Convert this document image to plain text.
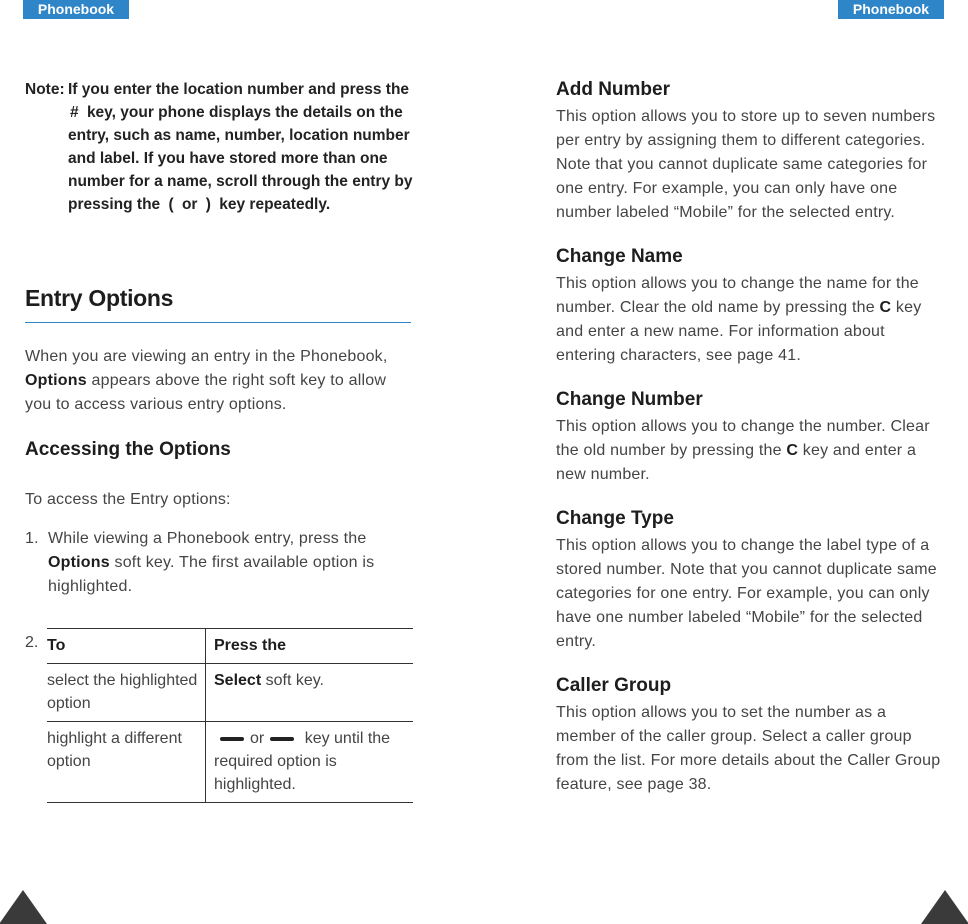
Phonebook	Phonebook
Note: If you enter the location number and press the
# key, your phone displays the details on the entry, such as name, number, location number and label. If you have stored more than one number for a name, scroll through the entry by pressing the ( or ) key repeatedly.
Entry Options
When you are viewing an entry in the Phonebook, Options appears above the right soft key to allow you to access various entry options.
Accessing the Options
To access the Entry options:
1. While viewing a Phonebook entry, press the Options soft key. The first available option is highlighted.
2. To	Press the
select the highlighted option	Select soft key.
highlight a different option	or key until the required option is highlighted.
Add Number
This option allows you to store up to seven numbers per entry by assigning them to different categories. Note that you cannot duplicate same categories for one entry. For example, you can only have one number labeled “Mobile” for the selected entry.
Change Name
This option allows you to change the name for the number. Clear the old name by pressing the C key and enter a new name. For information about entering characters, see page 41.
Change Number
This option allows you to change the number. Clear the old number by pressing the C key and enter a new number.
Change Type
This option allows you to change the label type of a stored number. Note that you cannot duplicate same categories for one entry. For example, you can only have one number labeled “Mobile” for the selected entry.
Caller Group
This option allows you to set the number as a member of the caller group. Select a caller group from the list. For more details about the Caller Group feature, see page 38.
34	35
